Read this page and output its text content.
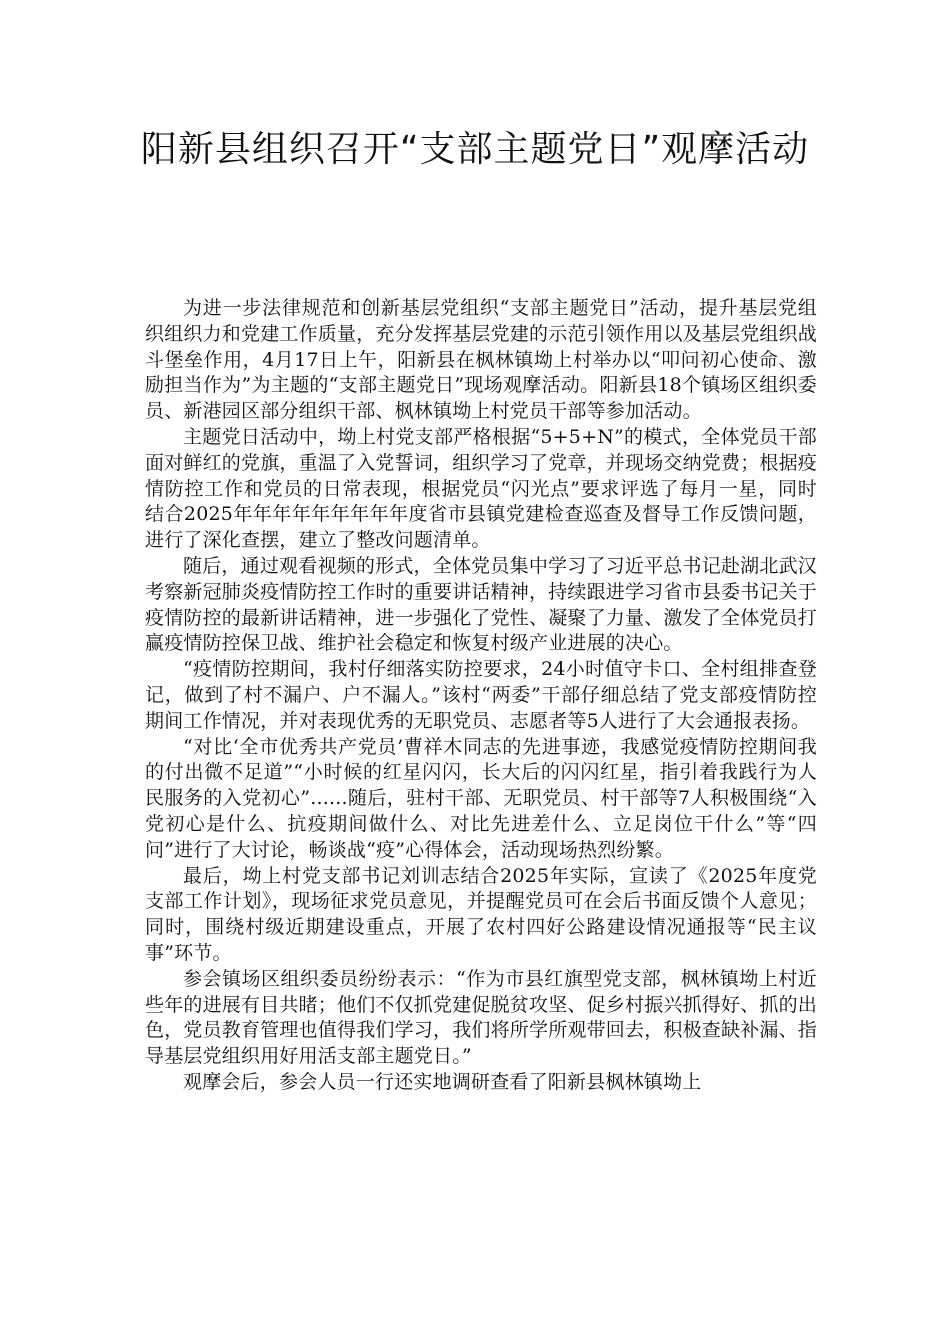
阳新县组织召开“支部主题党日”观摩活动

为进一步法律规范和创新基层党组织“支部主题党日”活动，提升基层党组织组织力和党建工作质量，充分发挥基层党建的示范引领作用以及基层党组织战斗堡垒作用，4月17日上午，阳新县在枫林镇坳上村举办以“叩问初心使命、激励担当作为”为主题的“支部主题党日”现场观摩活动。阳新县18个镇场区组织委员、新港园区部分组织干部、枫林镇坳上村党员干部等参加活动。

主题党日活动中，坳上村党支部严格根据“5+5+N”的模式，全体党员干部面对鲜红的党旗，重温了入党誓词，组织学习了党章，并现场交纳党费；根据疫情防控工作和党员的日常表现，根据党员“闪光点”要求评选了每月一星，同时结合2025年年年年年年年年年度省市县镇党建检查巡查及督导工作反馈问题，进行了深化查摆，建立了整改问题清单。

随后，通过观看视频的形式，全体党员集中学习了习近平总书记赴湖北武汉考察新冠肺炎疫情防控工作时的重要讲话精神，持续跟进学习省市县委书记关于疫情防控的最新讲话精神，进一步强化了党性、凝聚了力量、激发了全体党员打赢疫情防控保卫战、维护社会稳定和恢复村级产业进展的决心。

“疫情防控期间，我村仔细落实防控要求，24小时值守卡口、全村组排查登记，做到了村不漏户、户不漏人。”该村“两委”干部仔细总结了党支部疫情防控期间工作情况，并对表现优秀的无职党员、志愿者等5人进行了大会通报表扬。

“对比‘全市优秀共产党员’曹祥木同志的先进事迹，我感觉疫情防控期间我的付出微不足道”“小时候的红星闪闪，长大后的闪闪红星，指引着我践行为人民服务的入党初心”......随后，驻村干部、无职党员、村干部等7人积极围绕“入党初心是什么、抗疫期间做什么、对比先进差什么、立足岗位干什么”等“四问”进行了大讨论，畅谈战“疫”心得体会，活动现场热烈纷繁。

最后，坳上村党支部书记刘训志结合2025年实际，宣读了《2025年度党支部工作计划》，现场征求党员意见，并提醒党员可在会后书面反馈个人意见；同时，围绕村级近期建设重点，开展了农村四好公路建设情况通报等“民主议事”环节。

参会镇场区组织委员纷纷表示：“作为市县红旗型党支部，枫林镇坳上村近些年的进展有目共睹；他们不仅抓党建促脱贫攻坚、促乡村振兴抓得好、抓的出色，党员教育管理也值得我们学习，我们将所学所观带回去，积极查缺补漏、指导基层党组织用好用活支部主题党日。”

观摩会后，参会人员一行还实地调研查看了阳新县枫林镇坳上
